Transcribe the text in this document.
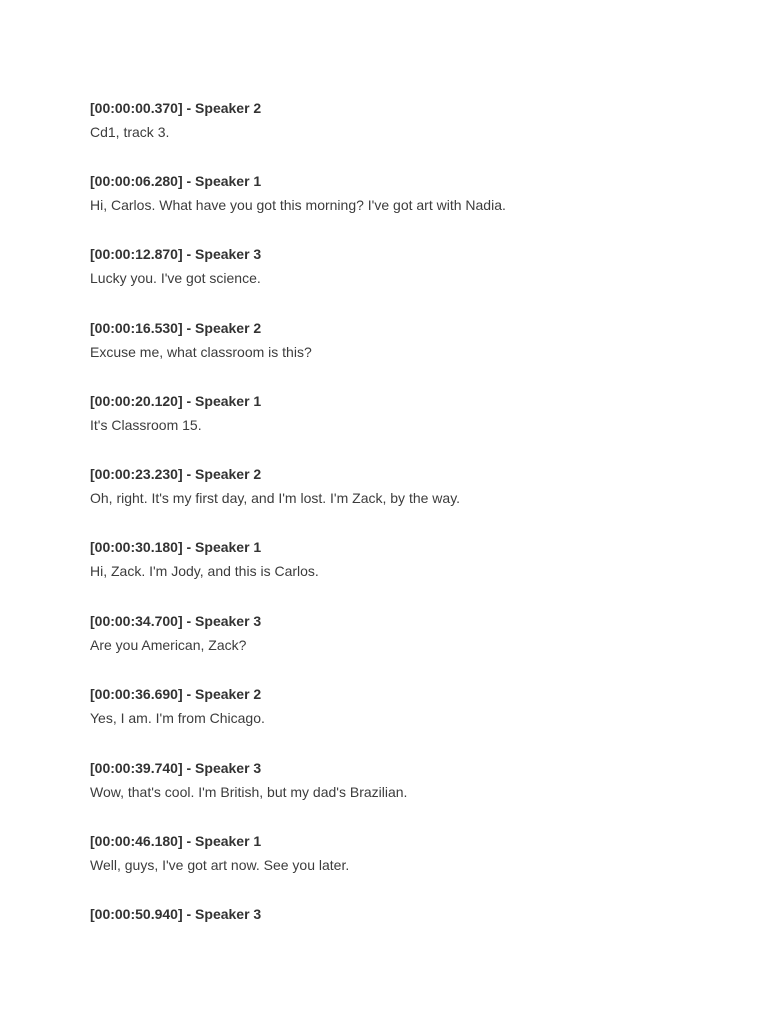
[00:00:00.370] - Speaker 2
Cd1, track 3.
[00:00:06.280] - Speaker 1
Hi, Carlos. What have you got this morning? I've got art with Nadia.
[00:00:12.870] - Speaker 3
Lucky you. I've got science.
[00:00:16.530] - Speaker 2
Excuse me, what classroom is this?
[00:00:20.120] - Speaker 1
It's Classroom 15.
[00:00:23.230] - Speaker 2
Oh, right. It's my first day, and I'm lost. I'm Zack, by the way.
[00:00:30.180] - Speaker 1
Hi, Zack. I'm Jody, and this is Carlos.
[00:00:34.700] - Speaker 3
Are you American, Zack?
[00:00:36.690] - Speaker 2
Yes, I am. I'm from Chicago.
[00:00:39.740] - Speaker 3
Wow, that's cool. I'm British, but my dad's Brazilian.
[00:00:46.180] - Speaker 1
Well, guys, I've got art now. See you later.
[00:00:50.940] - Speaker 3
